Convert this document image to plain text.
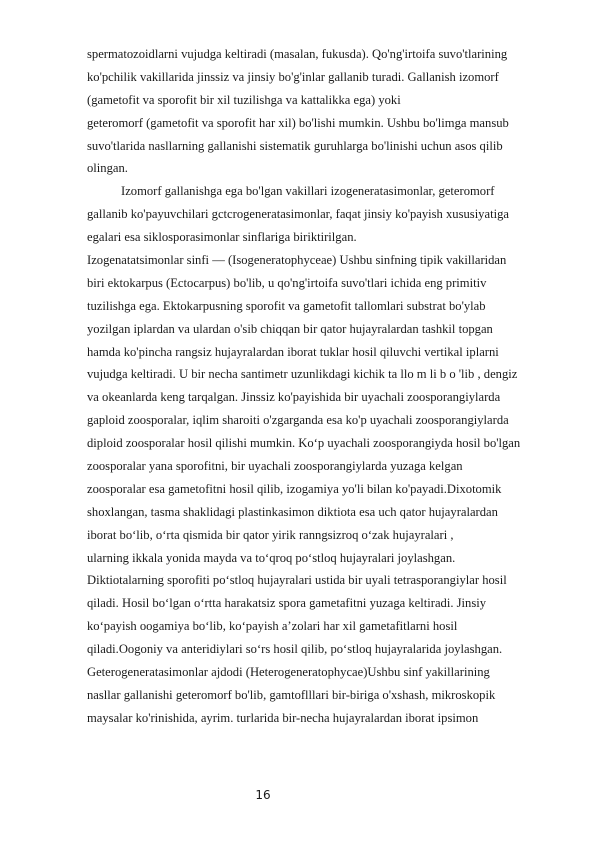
spermatozoidlarni vujudga keltiradi (masalan, fukusda). Qo'ng'irtoifa suvo'tlarining
ko'pchilik vakillarida jinssiz va jinsiy bo'g'inlar gallanib turadi. Gallanish izomorf
(gametofit va sporofit bir xil tuzilishga va kattalikka ega) yoki
geteromorf (gametofit va sporofit har xil) bo'lishi mumkin. Ushbu bo'limga mansub
suvo'tlarida nasllarning gallanishi sistematik guruhlarga bo'linishi uchun asos qilib
olingan.
Izomorf gallanishga ega bo'lgan vakillari izogeneratasimonlar, geteromorf
gallanib ko'payuvchilari gctcrogeneratasimonlar, faqat jinsiy ko'payish xususiyatiga
egalari esa siklosporasimonlar sinflariga biriktirilgan.
Izogenatatsimonlar sinfi — (Isogeneratophyceae) Ushbu sinfning tipik vakillaridan
biri ektokarpus (Ectocarpus) bo'lib, u qo'ng'irtoifa suvo'tlari ichida eng primitiv
tuzilishga ega. Ektokarpusning sporofit va gametofit tallomlari substrat bo'ylab
yozilgan iplardan va ulardan o'sib chiqqan bir qator hujayralardan tashkil topgan
hamda ko'pincha rangsiz hujayralardan iborat tuklar hosil qiluvchi vertikal iplarni
vujudga keltiradi. U bir necha santimetr uzunlikdagi kichik ta llo m li b o 'lib , dengiz
va okeanlarda keng tarqalgan. Jinssiz ko'payishida bir uyachali zoosporangiylarda
gaploid zoosporalar, iqlim sharoiti o'zgarganda esa ko'p uyachali zoosporangiylarda
diploid zoosporalar hosil qilishi mumkin. Ko‘p uyachali zoosporangiyda hosil bo'lgan
zoosporalar yana sporofitni, bir uyachali zoosporangiylarda yuzaga kelgan
zoosporalar esa gametofitni hosil qilib, izogamiya yo'li bilan ko'payadi.Dixotomik
shoxlangan, tasma shaklidagi plastinkasimon diktiota esa uch qator hujayralardan
iborat bo‘lib, o‘rta qismida bir qator yirik ranngsizroq o‘zak hujayralari ,
ularning ikkala yonida mayda va to‘qroq po‘stloq hujayralari joylashgan.
Diktiotalarning sporofiti po‘stloq hujayralari ustida bir uyali tetrasporangiylar hosil
qiladi. Hosil bo‘lgan o‘rtta harakatsiz spora gametafitni yuzaga keltiradi. Jinsiy
ko‘payish oogamiya bo‘lib, ko‘payish a’zolari har xil gametafitlarni hosil
qiladi.Oogoniy va anteridiylari so‘rs hosil qilib, po‘stloq hujayralarida joylashgan.
Geterogeneratasimonlar ajdodi (Heterogeneratophycae)Ushbu sinf yakillarining
nasllar gallanishi geteromorf bo'lib, gamtoflllari bir-biriga o'xshash, mikroskopik
maysalar ko'rinishida, ayrim. turlarida bir-necha hujayralardan iborat ipsimon
16
